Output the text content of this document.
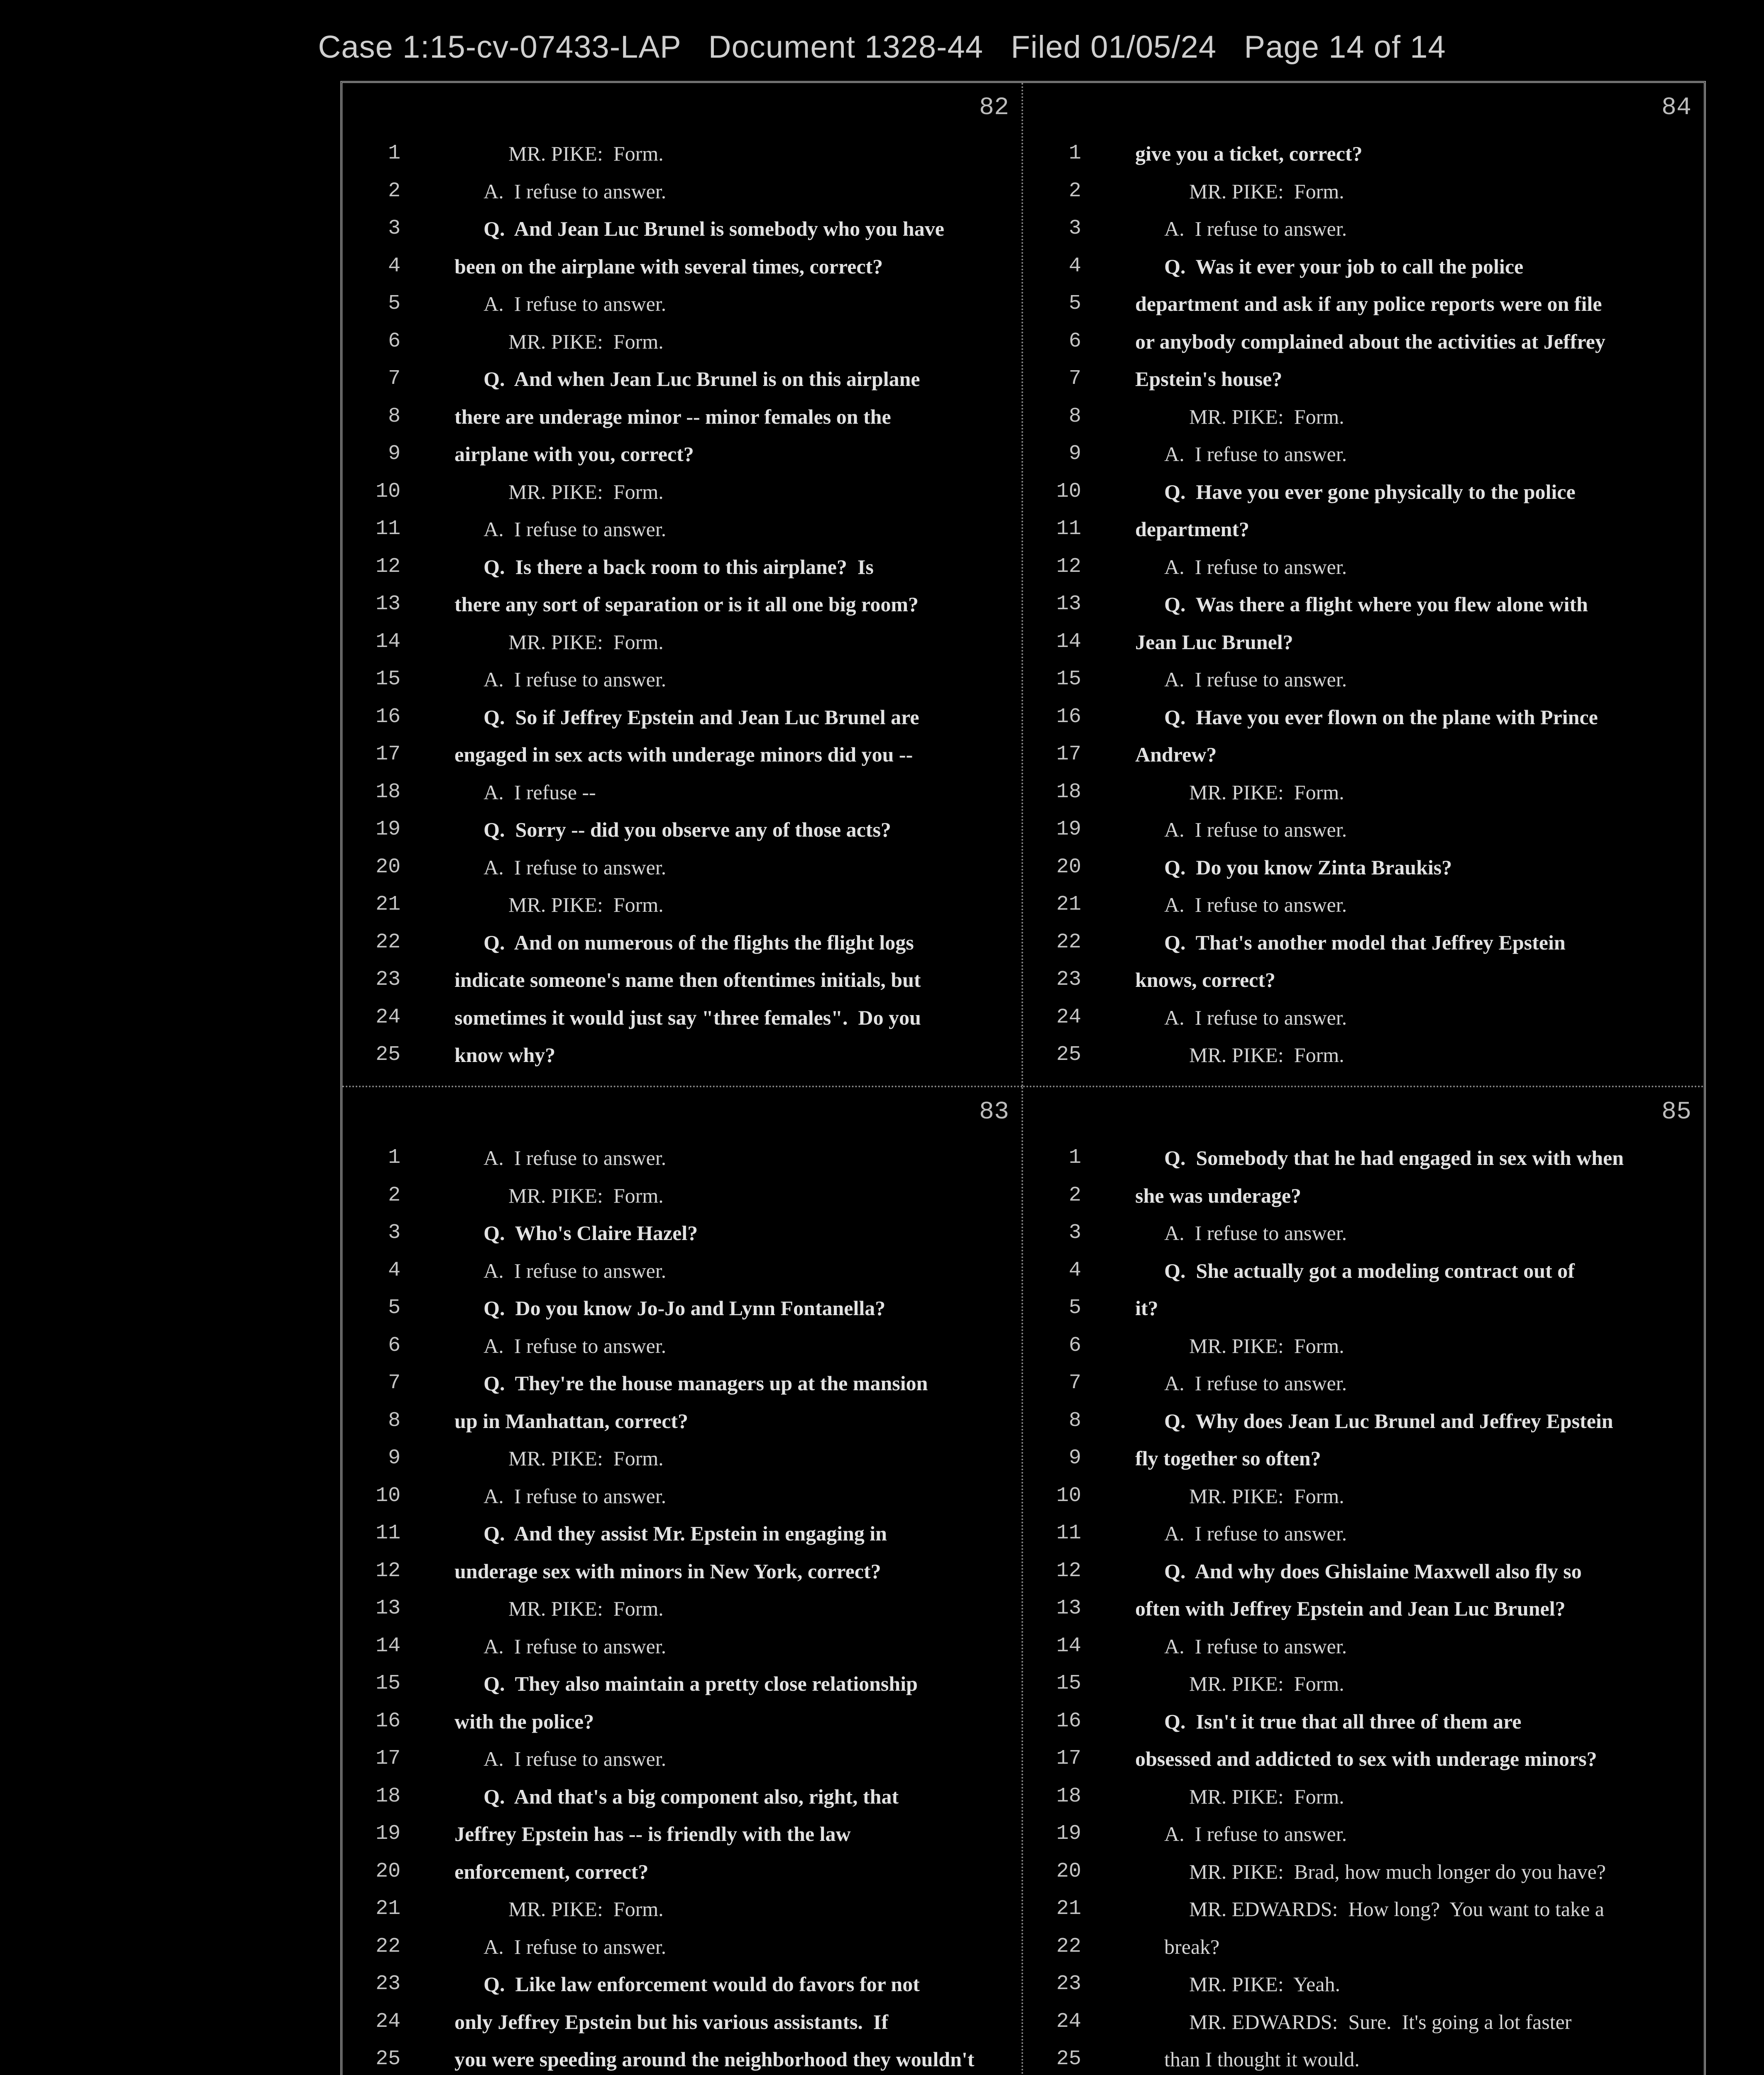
Case 1:15-cv-07433-LAP   Document 1328-44   Filed 01/05/24   Page 14 of 14
82
1	MR. PIKE:  Form.
2	A.  I refuse to answer.
3	Q.  And Jean Luc Brunel is somebody who you have
4	been on the airplane with several times, correct?
5	A.  I refuse to answer.
6	MR. PIKE:  Form.
7	Q.  And when Jean Luc Brunel is on this airplane
8	there are underage minor -- minor females on the
9	airplane with you, correct?
10	MR. PIKE:  Form.
11	A.  I refuse to answer.
12	Q.  Is there a back room to this airplane?  Is
13	there any sort of separation or is it all one big room?
14	MR. PIKE:  Form.
15	A.  I refuse to answer.
16	Q.  So if Jeffrey Epstein and Jean Luc Brunel are
17	engaged in sex acts with underage minors did you --
18	A.  I refuse --
19	Q.  Sorry -- did you observe any of those acts?
20	A.  I refuse to answer.
21	MR. PIKE:  Form.
22	Q.  And on numerous of the flights the flight logs
23	indicate someone's name then oftentimes initials, but
24	sometimes it would just say "three females".  Do you
25	know why?
84
1	give you a ticket, correct?
2	MR. PIKE:  Form.
3	A.  I refuse to answer.
4	Q.  Was it ever your job to call the police
5	department and ask if any police reports were on file
6	or anybody complained about the activities at Jeffrey
7	Epstein's house?
8	MR. PIKE:  Form.
9	A.  I refuse to answer.
10	Q.  Have you ever gone physically to the police
11	department?
12	A.  I refuse to answer.
13	Q.  Was there a flight where you flew alone with
14	Jean Luc Brunel?
15	A.  I refuse to answer.
16	Q.  Have you ever flown on the plane with Prince
17	Andrew?
18	MR. PIKE:  Form.
19	A.  I refuse to answer.
20	Q.  Do you know Zinta Braukis?
21	A.  I refuse to answer.
22	Q.  That's another model that Jeffrey Epstein
23	knows, correct?
24	A.  I refuse to answer.
25	MR. PIKE:  Form.
83
1	A.  I refuse to answer.
2	MR. PIKE:  Form.
3	Q.  Who's Claire Hazel?
4	A.  I refuse to answer.
5	Q.  Do you know Jo-Jo and Lynn Fontanella?
6	A.  I refuse to answer.
7	Q.  They're the house managers up at the mansion
8	up in Manhattan, correct?
9	MR. PIKE:  Form.
10	A.  I refuse to answer.
11	Q.  And they assist Mr. Epstein in engaging in
12	underage sex with minors in New York, correct?
13	MR. PIKE:  Form.
14	A.  I refuse to answer.
15	Q.  They also maintain a pretty close relationship
16	with the police?
17	A.  I refuse to answer.
18	Q.  And that's a big component also, right, that
19	Jeffrey Epstein has -- is friendly with the law
20	enforcement, correct?
21	MR. PIKE:  Form.
22	A.  I refuse to answer.
23	Q.  Like law enforcement would do favors for not
24	only Jeffrey Epstein but his various assistants.  If
25	you were speeding around the neighborhood they wouldn't
85
1	Q.  Somebody that he had engaged in sex with when
2	she was underage?
3	A.  I refuse to answer.
4	Q.  She actually got a modeling contract out of
5	it?
6	MR. PIKE:  Form.
7	A.  I refuse to answer.
8	Q.  Why does Jean Luc Brunel and Jeffrey Epstein
9	fly together so often?
10	MR. PIKE:  Form.
11	A.  I refuse to answer.
12	Q.  And why does Ghislaine Maxwell also fly so
13	often with Jeffrey Epstein and Jean Luc Brunel?
14	A.  I refuse to answer.
15	MR. PIKE:  Form.
16	Q.  Isn't it true that all three of them are
17	obsessed and addicted to sex with underage minors?
18	MR. PIKE:  Form.
19	A.  I refuse to answer.
20	MR. PIKE:  Brad, how much longer do you have?
21	MR. EDWARDS:  How long?  You want to take a
22	break?
23	MR. PIKE:  Yeah.
24	MR. EDWARDS:  Sure.  It's going a lot faster
25	than I thought it would.
